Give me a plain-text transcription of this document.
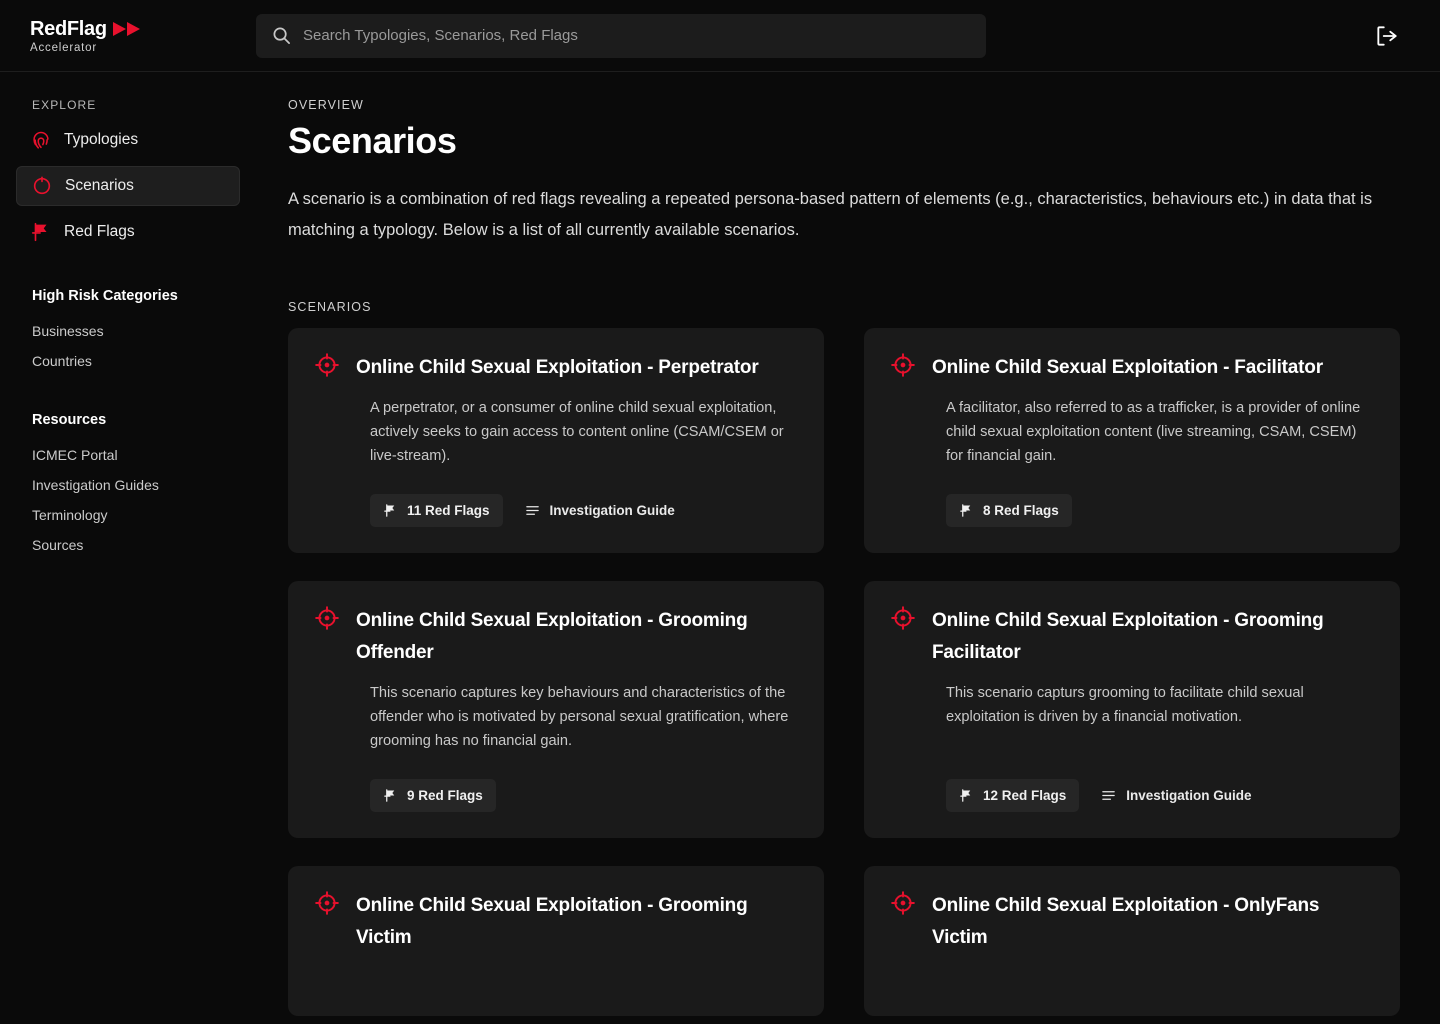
RedFlag
Accelerator
Search Typologies, Scenarios, Red Flags
EXPLORE
Typologies
Scenarios
Red Flags
High Risk Categories
Businesses
Countries
Resources
ICMEC Portal
Investigation Guides
Terminology
Sources
OVERVIEW
Scenarios
A scenario is a combination of red flags revealing a repeated persona-based pattern of elements (e.g., characteristics, behaviours etc.) in data that is matching a typology. Below is a list of all currently available scenarios.
SCENARIOS
Online Child Sexual Exploitation - Perpetrator
A perpetrator, or a consumer of online child sexual exploitation, actively seeks to gain access to content online (CSAM/CSEM or live-stream).
11 Red Flags	Investigation Guide
Online Child Sexual Exploitation - Facilitator
A facilitator, also referred to as a trafficker, is a provider of online child sexual exploitation content (live streaming, CSAM, CSEM) for financial gain.
8 Red Flags
Online Child Sexual Exploitation - Grooming Offender
This scenario captures key behaviours and characteristics of the offender who is motivated by personal sexual gratification, where grooming has no financial gain.
9 Red Flags
Online Child Sexual Exploitation - Grooming Facilitator
This scenario capturs grooming to facilitate child sexual exploitation is driven by a financial motivation.
12 Red Flags	Investigation Guide
Online Child Sexual Exploitation - Grooming Victim
Online Child Sexual Exploitation - OnlyFans Victim
